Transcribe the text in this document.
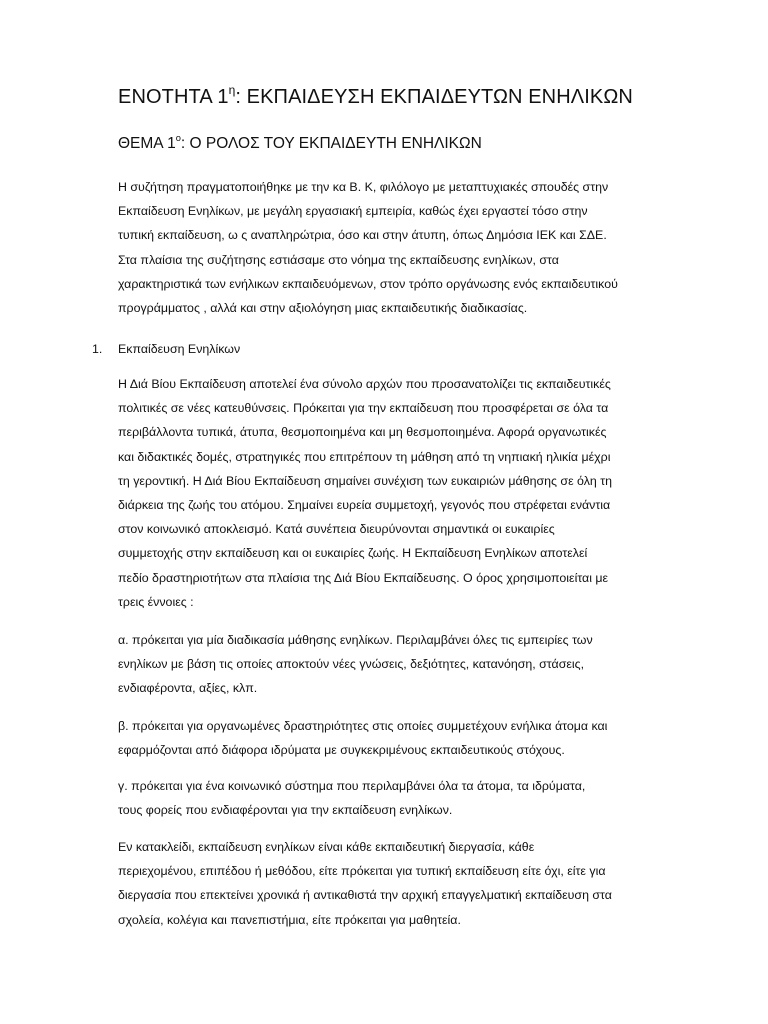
ΕΝΟΤΗΤΑ $1^\eta$: ΕΚΠΑΙΔΕΥΣΗ ΕΚΠΑΙΔΕΥΤΩΝ ΕΝΗΛΙΚΩΝ
ΘΕΜΑ $1^o$: Ο ΡΟΛΟΣ ΤΟΥ ΕΚΠΑΙΔΕΥΤΗ ΕΝΗΛΙΚΩΝ
Η συζήτηση πραγματοποιήθηκε με την κα Β. Κ, φιλόλογο με μεταπτυχιακές σπουδές στην
Εκπαίδευση Ενηλίκων, με μεγάλη εργασιακή εμπειρία, καθώς έχει εργαστεί τόσο στην
τυπική εκπαίδευση, ω ς αναπληρώτρια, όσο και στην άτυπη, όπως Δημόσια ΙΕΚ και ΣΔΕ.
Στα πλαίσια της συζήτησης εστιάσαμε στο νόημα της εκπαίδευσης ενηλίκων, στα
χαρακτηριστικά των ενήλικων εκπαιδευόμενων, στον τρόπο οργάνωσης ενός εκπαιδευτικού
προγράμματος , αλλά και στην αξιολόγηση μιας εκπαιδευτικής διαδικασίας.
1. Εκπαίδευση Ενηλίκων
Η Διά Βίου Εκπαίδευση αποτελεί ένα σύνολο αρχών που προσανατολίζει τις εκπαιδευτικές
πολιτικές σε νέες κατευθύνσεις. Πρόκειται για την εκπαίδευση που προσφέρεται σε όλα τα
περιβάλλοντα τυπικά, άτυπα, θεσμοποιημένα και μη θεσμοποιημένα. Αφορά οργανωτικές
και διδακτικές δομές, στρατηγικές που επιτρέπουν τη μάθηση από τη νηπιακή ηλικία μέχρι
τη γεροντική. Η Διά Βίου Εκπαίδευση σημαίνει συνέχιση των ευκαιριών μάθησης σε όλη τη
διάρκεια της ζωής του ατόμου. Σημαίνει ευρεία συμμετοχή, γεγονός που στρέφεται ενάντια
στον κοινωνικό αποκλεισμό. Κατά συνέπεια διευρύνονται σημαντικά οι ευκαιρίες
συμμετοχής στην εκπαίδευση και οι ευκαιρίες ζωής. Η Εκπαίδευση Ενηλίκων αποτελεί
πεδίο δραστηριοτήτων στα πλαίσια της Διά Βίου Εκπαίδευσης. Ο όρος χρησιμοποιείται με
τρεις έννοιες :
α. πρόκειται για μία διαδικασία μάθησης ενηλίκων. Περιλαμβάνει όλες τις εμπειρίες των
ενηλίκων με βάση τις οποίες αποκτούν νέες γνώσεις, δεξιότητες, κατανόηση, στάσεις,
ενδιαφέροντα, αξίες, κλπ.
β. πρόκειται για οργανωμένες δραστηριότητες στις οποίες συμμετέχουν ενήλικα άτομα και
εφαρμόζονται από διάφορα ιδρύματα με συγκεκριμένους εκπαιδευτικούς στόχους.
γ. πρόκειται για ένα κοινωνικό σύστημα που περιλαμβάνει όλα τα άτομα, τα ιδρύματα,
τους φορείς που ενδιαφέρονται για την εκπαίδευση ενηλίκων.
Εν κατακλείδι, εκπαίδευση ενηλίκων είναι κάθε εκπαιδευτική διεργασία, κάθε
περιεχομένου, επιπέδου ή μεθόδου, είτε πρόκειται για τυπική εκπαίδευση είτε όχι, είτε για
διεργασία που επεκτείνει χρονικά ή αντικαθιστά την αρχική επαγγελματική εκπαίδευση στα
σχολεία, κολέγια και πανεπιστήμια, είτε πρόκειται για μαθητεία.
